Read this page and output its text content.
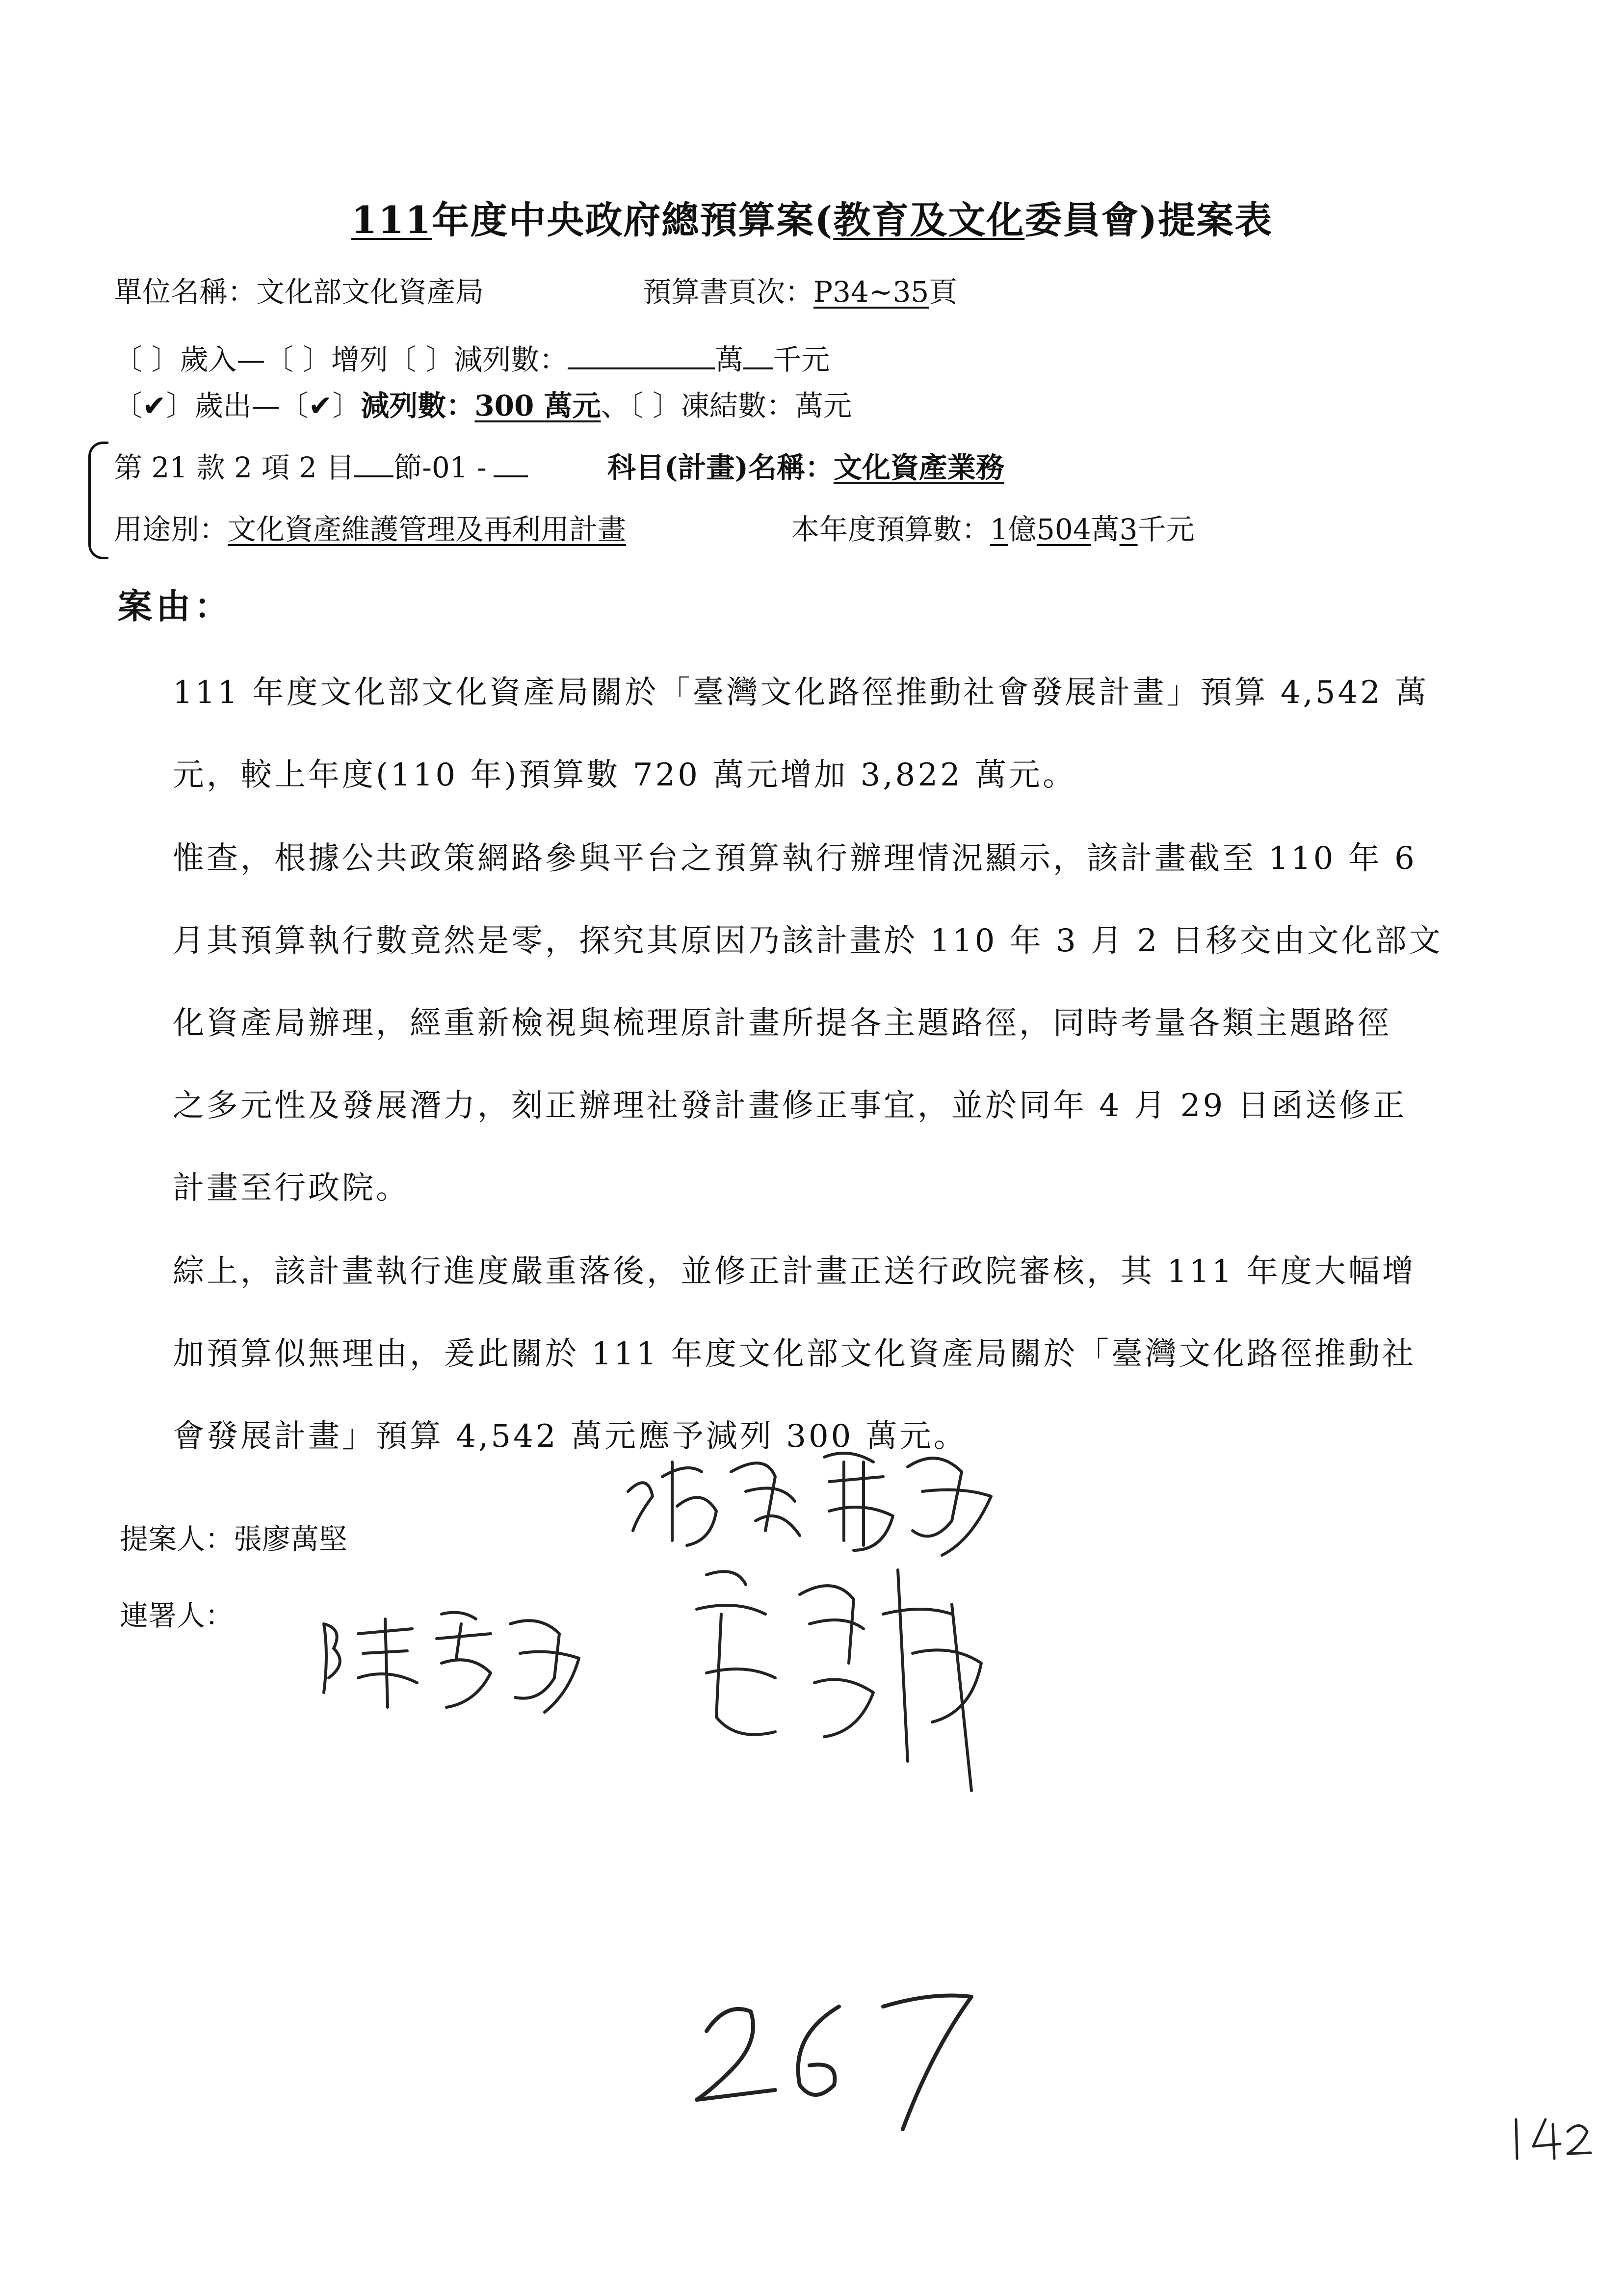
111年度中央政府總預算案(教育及文化委員會)提案表
單位名稱：文化部文化資產局	預算書頁次：P34~35頁
〔 〕歲入—〔 〕增列〔 〕減列數：	萬 千元
〔✔〕歲出—〔✔〕減列數：300 萬元、〔 〕凍結數：萬元
第 21 款 2 項 2 目 節-01 -	科目(計畫)名稱：文化資產業務
用途別：文化資產維護管理及再利用計畫	本年度預算數：1億504萬3千元
案由：
111 年度文化部文化資產局關於「臺灣文化路徑推動社會發展計畫」預算 4,542 萬
元，較上年度(110 年)預算數 720 萬元增加 3,822 萬元。
惟查，根據公共政策網路參與平台之預算執行辦理情況顯示，該計畫截至 110 年 6
月其預算執行數竟然是零，探究其原因乃該計畫於 110 年 3 月 2 日移交由文化部文
化資產局辦理，經重新檢視與梳理原計畫所提各主題路徑，同時考量各類主題路徑
之多元性及發展潛力，刻正辦理社發計畫修正事宜，並於同年 4 月 29 日函送修正
計畫至行政院。
綜上，該計畫執行進度嚴重落後，並修正計畫正送行政院審核，其 111 年度大幅增
加預算似無理由，爰此關於 111 年度文化部文化資產局關於「臺灣文化路徑推動社
會發展計畫」預算 4,542 萬元應予減列 300 萬元。
提案人：張廖萬堅
連署人：
